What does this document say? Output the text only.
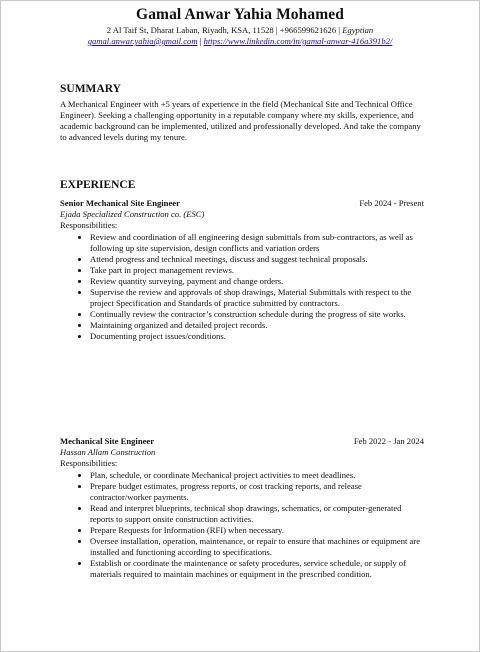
Gamal Anwar Yahia Mohamed
2 Al Taif St, Dharat Laban, Riyadh, KSA, 11528 | +966599621626 | Egyptian
gamal.anwar.yahia@gmail.com | https://www.linkedin.com/in/gamal-anwar-416a391b2/
SUMMARY
A Mechanical Engineer with +5 years of experience in the field (Mechanical Site and Technical Office Engineer). Seeking a challenging opportunity in a reputable company where my skills, experience, and academic background can be implemented, utilized and professionally developed. And take the company to advanced levels during my tenure.
EXPERIENCE
Senior Mechanical Site Engineer	Feb 2024 - Present
Ejada Specialized Construction co. (ESC)
Responsibilities:
• Review and coordination of all engineering design submittals from sub-contractors, as well as following up site supervision, design conflicts and variation orders
• Attend progress and technical meetings, discuss and suggest technical proposals.
• Take part in project management reviews.
• Review quantity surveying, payment and change orders.
• Supervise the review and approvals of shop drawings, Material Submittals with respect to the project Specification and Standards of practice submitted by contractors.
• Continually review the contractor’s construction schedule during the progress of site works.
• Maintaining organized and detailed project records.
• Documenting project issues/conditions.
Mechanical Site Engineer	Feb 2022 - Jan 2024
Hassan Allam Construction
Responsibilities:
• Plan, schedule, or coordinate Mechanical project activities to meet deadlines.
• Prepare budget estimates, progress reports, or cost tracking reports, and release contractor/worker payments.
• Read and interpret blueprints, technical shop drawings, schematics, or computer-generated reports to support onsite construction activities.
• Prepare Requests for Information (RFI) when necessary.
• Oversee installation, operation, maintenance, or repair to ensure that machines or equipment are installed and functioning according to specifications.
• Establish or coordinate the maintenance or safety procedures, service schedule, or supply of materials required to maintain machines or equipment in the prescribed condition.
